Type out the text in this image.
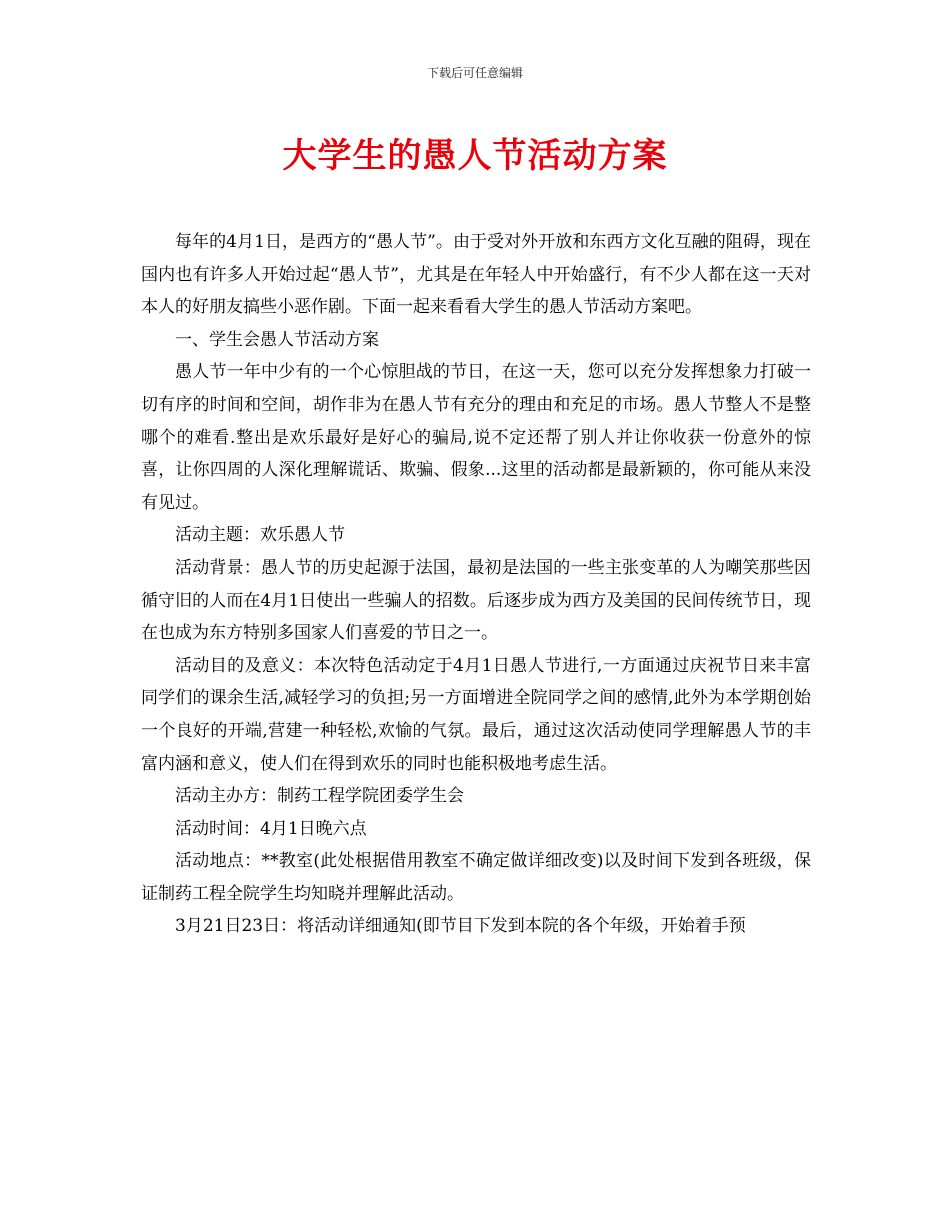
下载后可任意编辑
大学生的愚人节活动方案

每年的4月1日，是西方的“愚人节”。由于受对外开放和东西方文化互融的阻碍，现在国内也有许多人开始过起“愚人节”，尤其是在年轻人中开始盛行，有不少人都在这一天对本人的好朋友搞些小恶作剧。下面一起来看看大学生的愚人节活动方案吧。

一、学生会愚人节活动方案

愚人节一年中少有的一个心惊胆战的节日，在这一天，您可以充分发挥想象力打破一切有序的时间和空间，胡作非为在愚人节有充分的理由和充足的市场。愚人节整人不是整哪个的难看.整出是欢乐最好是好心的骗局,说不定还帮了别人并让你收获一份意外的惊喜，让你四周的人深化理解谎话、欺骗、假象...这里的活动都是最新颖的，你可能从来没有见过。

活动主题：欢乐愚人节

活动背景：愚人节的历史起源于法国，最初是法国的一些主张变革的人为嘲笑那些因循守旧的人而在4月1日使出一些骗人的招数。后逐步成为西方及美国的民间传统节日，现在也成为东方特别多国家人们喜爱的节日之一。

活动目的及意义：本次特色活动定于4月1日愚人节进行,一方面通过庆祝节日来丰富同学们的课余生活,减轻学习的负担;另一方面增进全院同学之间的感情,此外为本学期创始一个良好的开端,营建一种轻松,欢愉的气氛。最后，通过这次活动使同学理解愚人节的丰富内涵和意义，使人们在得到欢乐的同时也能积极地考虑生活。

活动主办方：制药工程学院团委学生会

活动时间：4月1日晚六点

活动地点：**教室(此处根据借用教室不确定做详细改变)以及时间下发到各班级，保证制药工程全院学生均知晓并理解此活动。

3月21日23日：将活动详细通知(即节目下发到本院的各个年级，开始着手预
